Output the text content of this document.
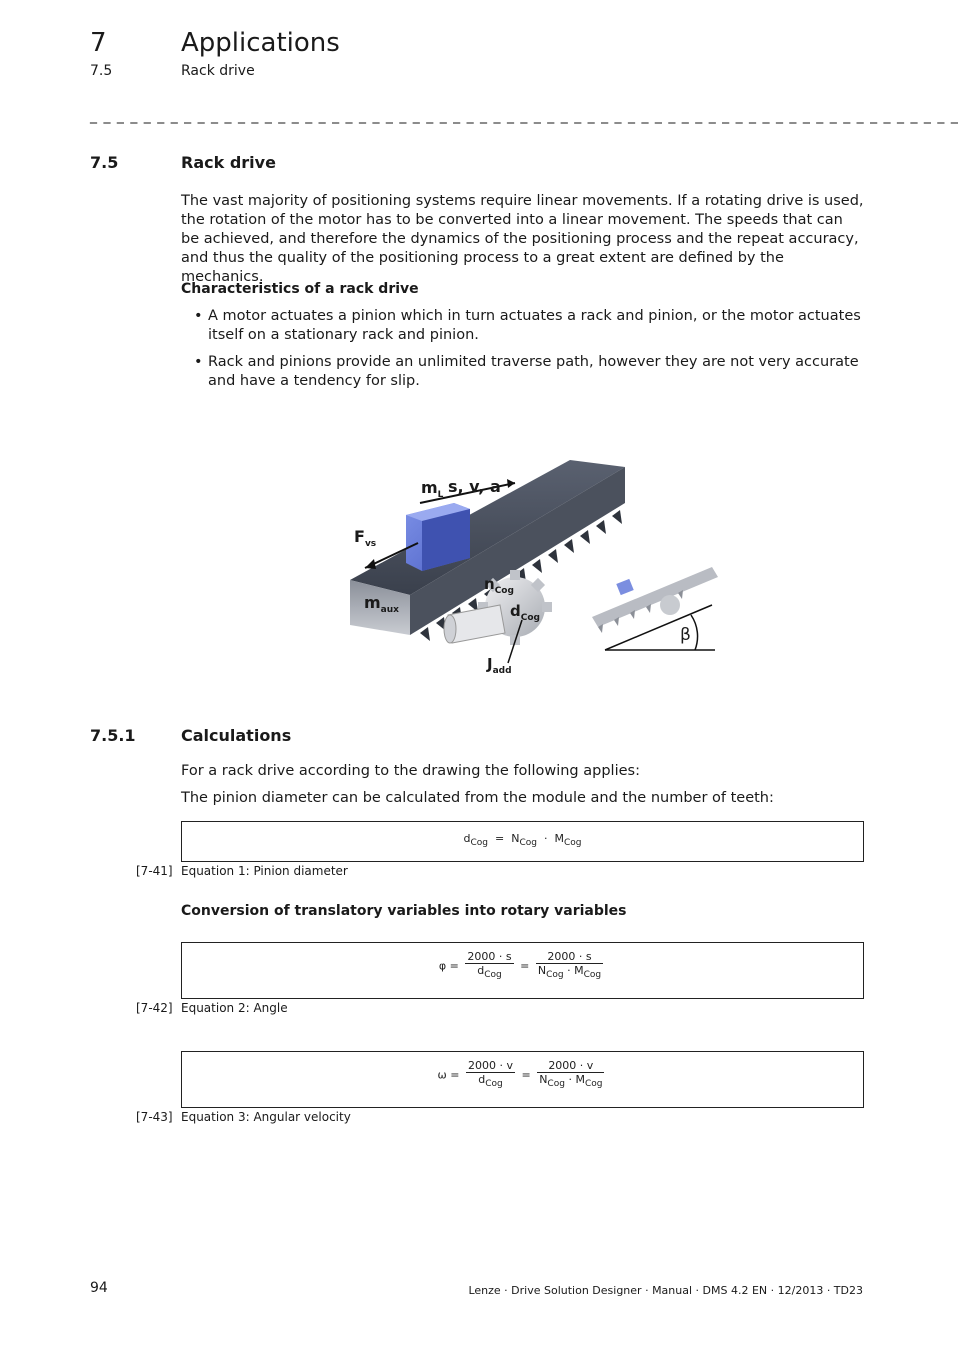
7	Applications
7.5	Rack drive
_ _ _ _ _ _ _ _ _ _ _ _ _ _ _ _ _ _ _ _ _ _ _ _ _ _ _ _ _ _ _ _ _ _ _ _ _ _ _ _ _ _ _ _ _ _ _ _ _ _ _ _ _ _ _ _ _ _ _ _ _ _ _ _ _
7.5	Rack drive
The vast majority of positioning systems require linear movements. If a rotating drive is used, the rotation of the motor has to be converted into a linear movement. The speeds that can be achieved, and therefore the dynamics of the positioning process and the repeat accuracy, and thus the quality of the positioning process to a great extent are defined by the mechanics.
Characteristics of a rack drive
• A motor actuates a pinion which in turn actuates a rack and pinion, or the motor actuates itself on a stationary rack and pinion.
• Rack and pinions provide an unlimited traverse path, however they are not very accurate and have a tendency for slip.
$m_L$ s, v, a
$F_{vs}$
$m_{aux}$
$n_{Cog}$
$d_{Cog}$
$J_{add}$
β
7.5.1	Calculations
For a rack drive according to the drawing the following applies:
The pinion diameter can be calculated from the module and the number of teeth:
$d_{Cog} = N_{Cog} \cdot M_{Cog}$
[7-41] Equation 1: Pinion diameter
Conversion of translatory variables into rotary variables
$\varphi = \frac{2000 \cdot s}{d_{Cog}} = \frac{2000 \cdot s}{N_{Cog} \cdot M_{Cog}}$
[7-42] Equation 2: Angle
$\omega = \frac{2000 \cdot v}{d_{Cog}} = \frac{2000 \cdot v}{N_{Cog} \cdot M_{Cog}}$
[7-43] Equation 3: Angular velocity
94	Lenze · Drive Solution Designer · Manual · DMS 4.2 EN · 12/2013 · TD23
